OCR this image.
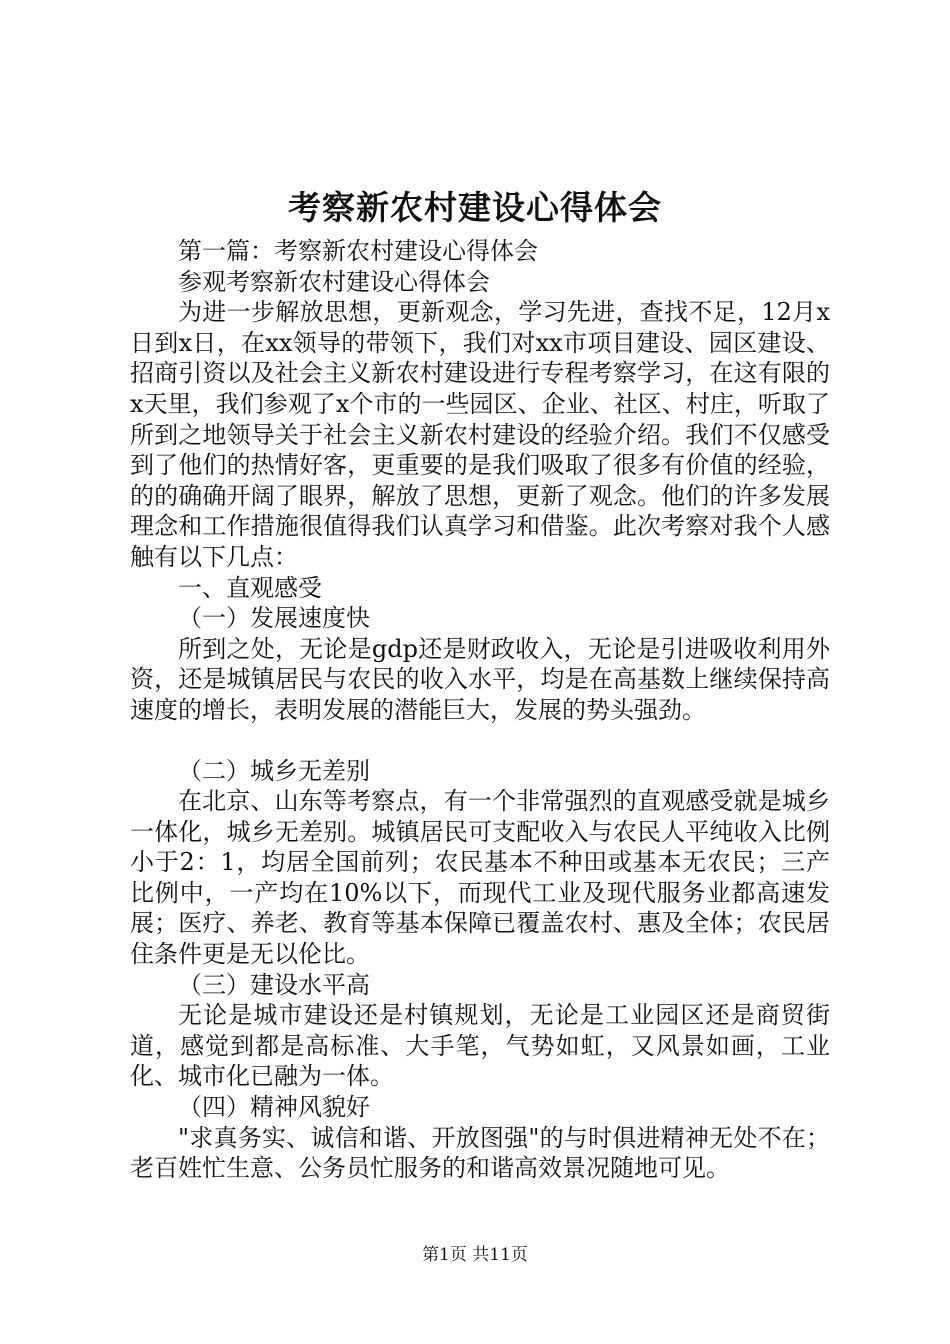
考察新农村建设心得体会

第一篇：考察新农村建设心得体会

参观考察新农村建设心得体会

为进一步解放思想，更新观念，学习先进，查找不足，12月x日到x日，在xx领导的带领下，我们对xx市项目建设、园区建设、招商引资以及社会主义新农村建设进行专程考察学习，在这有限的x天里，我们参观了x个市的一些园区、企业、社区、村庄，听取了所到之地领导关于社会主义新农村建设的经验介绍。我们不仅感受到了他们的热情好客，更重要的是我们吸取了很多有价值的经验，的的确确开阔了眼界，解放了思想，更新了观念。他们的许多发展理念和工作措施很值得我们认真学习和借鉴。此次考察对我个人感触有以下几点：

一、直观感受

（一）发展速度快

所到之处，无论是gdp还是财政收入，无论是引进吸收利用外资，还是城镇居民与农民的收入水平，均是在高基数上继续保持高速度的增长，表明发展的潜能巨大，发展的势头强劲。

（二）城乡无差别

在北京、山东等考察点，有一个非常强烈的直观感受就是城乡一体化，城乡无差别。城镇居民可支配收入与农民人平纯收入比例小于2：1，均居全国前列；农民基本不种田或基本无农民；三产比例中，一产均在10%以下，而现代工业及现代服务业都高速发展；医疗、养老、教育等基本保障已覆盖农村、惠及全体；农民居住条件更是无以伦比。

（三）建设水平高

无论是城市建设还是村镇规划，无论是工业园区还是商贸街道，感觉到都是高标准、大手笔，气势如虹，又风景如画，工业化、城市化已融为一体。

（四）精神风貌好

"求真务实、诚信和谐、开放图强"的与时俱进精神无处不在；老百姓忙生意、公务员忙服务的和谐高效景况随地可见。

第1页 共11页
